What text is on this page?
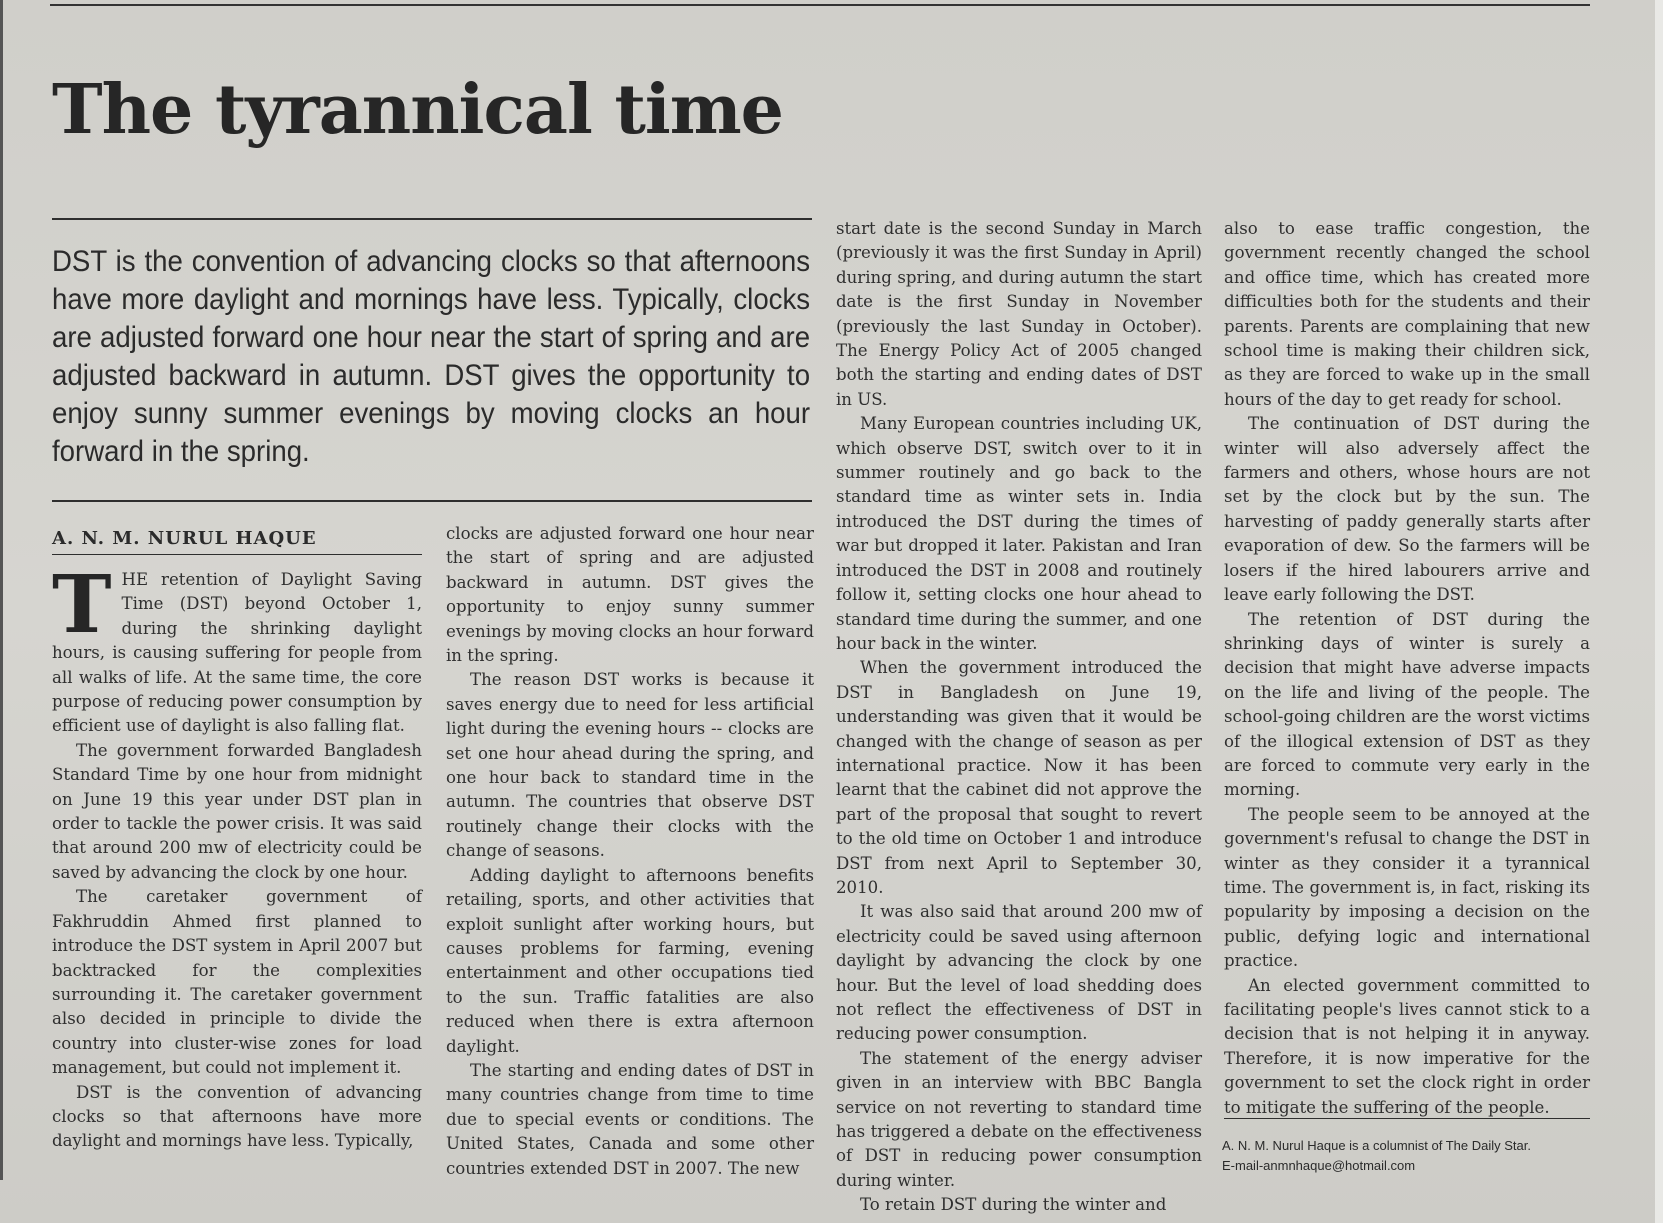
The tyrannical time

DST is the convention of advancing clocks so that afternoons have more daylight and mornings have less. Typically, clocks are adjusted forward one hour near the start of spring and are adjusted backward in autumn. DST gives the opportunity to enjoy sunny summer evenings by moving clocks an hour forward in the spring.

A. N. M. NURUL HAQUE

THE retention of Daylight Saving Time (DST) beyond October 1, during the shrinking daylight hours, is causing suffering for people from all walks of life. At the same time, the core purpose of reducing power consumption by efficient use of daylight is also falling flat.

The government forwarded Bangladesh Standard Time by one hour from midnight on June 19 this year under DST plan in order to tackle the power crisis. It was said that around 200 mw of electricity could be saved by advancing the clock by one hour.

The caretaker government of Fakhruddin Ahmed first planned to introduce the DST system in April 2007 but backtracked for the complexities surrounding it. The caretaker government also decided in principle to divide the country into cluster-wise zones for load management, but could not implement it.

DST is the convention of advancing clocks so that afternoons have more daylight and mornings have less. Typically,

clocks are adjusted forward one hour near the start of spring and are adjusted backward in autumn. DST gives the opportunity to enjoy sunny summer evenings by moving clocks an hour forward in the spring.

The reason DST works is because it saves energy due to need for less artificial light during the evening hours -- clocks are set one hour ahead during the spring, and one hour back to standard time in the autumn. The countries that observe DST routinely change their clocks with the change of seasons.

Adding daylight to afternoons benefits retailing, sports, and other activities that exploit sunlight after working hours, but causes problems for farming, evening entertainment and other occupations tied to the sun. Traffic fatalities are also reduced when there is extra afternoon daylight.

The starting and ending dates of DST in many countries change from time to time due to special events or conditions. The United States, Canada and some other countries extended DST in 2007. The new

start date is the second Sunday in March (previously it was the first Sunday in April) during spring, and during autumn the start date is the first Sunday in November (previously the last Sunday in October). The Energy Policy Act of 2005 changed both the starting and ending dates of DST in US.

Many European countries including UK, which observe DST, switch over to it in summer routinely and go back to the standard time as winter sets in. India introduced the DST during the times of war but dropped it later. Pakistan and Iran introduced the DST in 2008 and routinely follow it, setting clocks one hour ahead to standard time during the summer, and one hour back in the winter.

When the government introduced the DST in Bangladesh on June 19, understanding was given that it would be changed with the change of season as per international practice. Now it has been learnt that the cabinet did not approve the part of the proposal that sought to revert to the old time on October 1 and introduce DST from next April to September 30, 2010.

It was also said that around 200 mw of electricity could be saved using afternoon daylight by advancing the clock by one hour. But the level of load shedding does not reflect the effectiveness of DST in reducing power consumption.

The statement of the energy adviser given in an interview with BBC Bangla service on not reverting to standard time has triggered a debate on the effectiveness of DST in reducing power consumption during winter.

To retain DST during the winter and

also to ease traffic congestion, the government recently changed the school and office time, which has created more difficulties both for the students and their parents. Parents are complaining that new school time is making their children sick, as they are forced to wake up in the small hours of the day to get ready for school.

The continuation of DST during the winter will also adversely affect the farmers and others, whose hours are not set by the clock but by the sun. The harvesting of paddy generally starts after evaporation of dew. So the farmers will be losers if the hired labourers arrive and leave early following the DST.

The retention of DST during the shrinking days of winter is surely a decision that might have adverse impacts on the life and living of the people. The school-going children are the worst victims of the illogical extension of DST as they are forced to commute very early in the morning.

The people seem to be annoyed at the government's refusal to change the DST in winter as they consider it a tyrannical time. The government is, in fact, risking its popularity by imposing a decision on the public, defying logic and international practice.

An elected government committed to facilitating people's lives cannot stick to a decision that is not helping it in anyway. Therefore, it is now imperative for the government to set the clock right in order to mitigate the suffering of the people.

A. N. M. Nurul Haque is a columnist of The Daily Star.
E-mail-anmnhaque@hotmail.com
